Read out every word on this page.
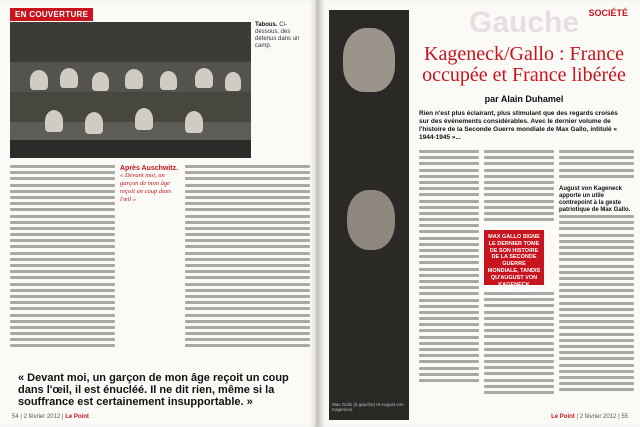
EN COUVERTURE
Tabous. Ci-dessous, des détenus dans un camp.
Après Auschwitz.
« Devant moi, un garçon de mon âge reçoit un coup dans l'œil »
« Devant moi, un garçon de mon âge reçoit un coup dans l'œil, il est énucléé. Il ne dit rien, même si la souffrance est certainement insupportable. »
54 | 2 février 2012 | Le Point
Gauche SOCIÉTÉ
Max Gallo (à gauche) et August von Kageneck.
Kageneck/Gallo : France occupée et France libérée
par Alain Duhamel
Rien n'est plus éclairant, plus stimulant que des regards croisés sur des événements considérables. Avec le dernier volume de l'histoire de la Seconde Guerre mondiale de Max Gallo, intitulé « 1944-1945 »...
MAX GALLO SIGNE LE DERNIER TOME DE SON HISTOIRE DE LA SECONDE GUERRE MONDIALE, TANDIS QU'AUGUST VON KAGENECK
August von Kageneck apporte un utile contrepoint à la geste patriotique de Max Gallo.
Le Point | 2 février 2012 | 55
